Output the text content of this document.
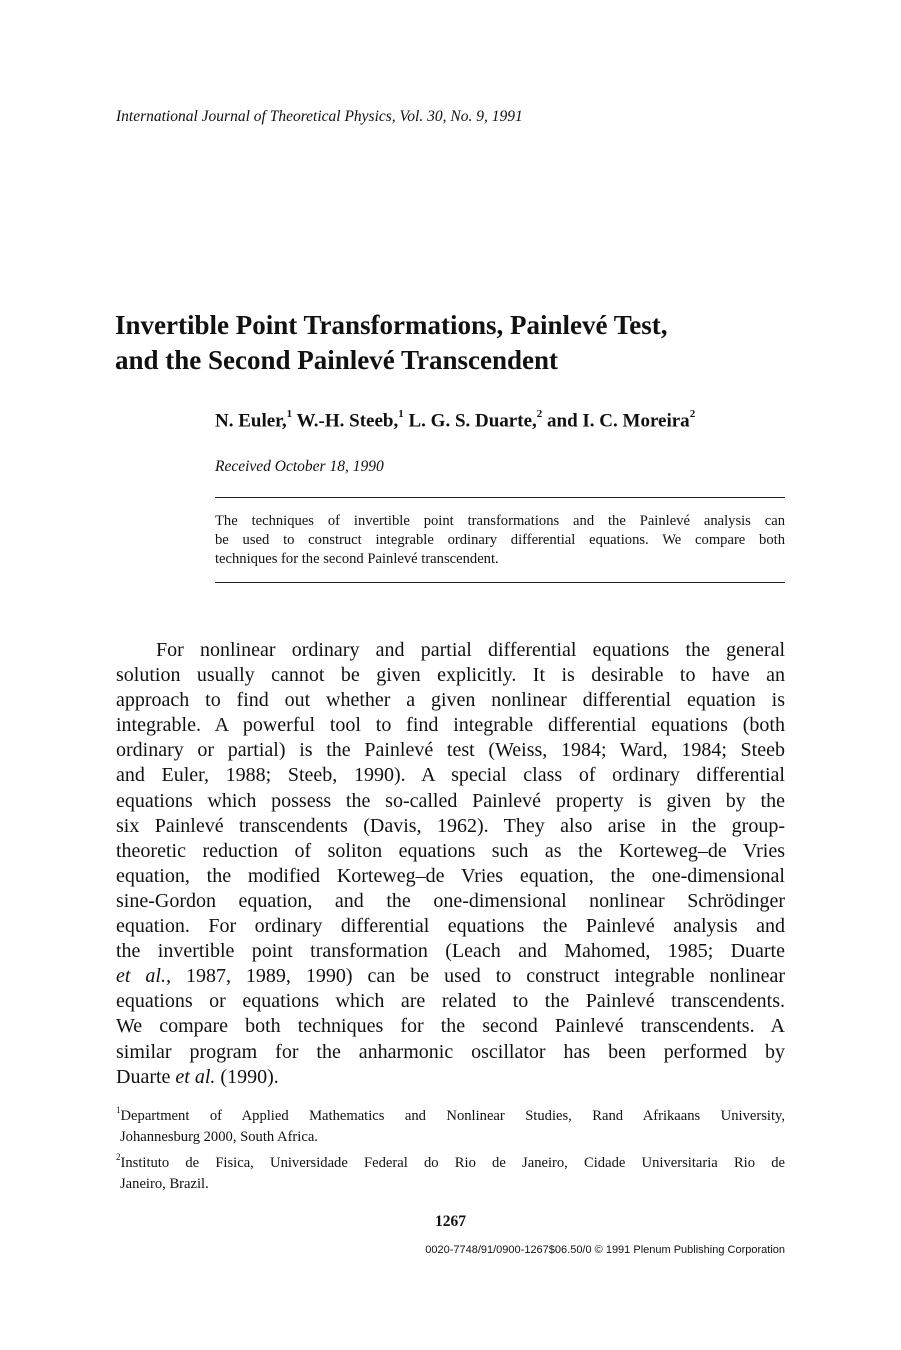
International Journal of Theoretical Physics, Vol. 30, No. 9, 1991
Invertible Point Transformations, Painlevé Test,
and the Second Painlevé Transcendent
N. Euler,$^1$ W.-H. Steeb,$^1$ L. G. S. Duarte,$^2$ and I. C. Moreira$^2$
Received October 18, 1990
The techniques of invertible point transformations and the Painlevé analysis can
be used to construct integrable ordinary differential equations. We compare both
techniques for the second Painlevé transcendent.
For nonlinear ordinary and partial differential equations the general
solution usually cannot be given explicitly. It is desirable to have an
approach to find out whether a given nonlinear differential equation is
integrable. A powerful tool to find integrable differential equations (both
ordinary or partial) is the Painlevé test (Weiss, 1984; Ward, 1984; Steeb
and Euler, 1988; Steeb, 1990). A special class of ordinary differential
equations which possess the so-called Painlevé property is given by the
six Painlevé transcendents (Davis, 1962). They also arise in the group-
theoretic reduction of soliton equations such as the Korteweg–de Vries
equation, the modified Korteweg–de Vries equation, the one-dimensional
sine-Gordon equation, and the one-dimensional nonlinear Schrödinger
equation. For ordinary differential equations the Painlevé analysis and
the invertible point transformation (Leach and Mahomed, 1985; Duarte
et al., 1987, 1989, 1990) can be used to construct integrable nonlinear
equations or equations which are related to the Painlevé transcendents.
We compare both techniques for the second Painlevé transcendents. A
similar program for the anharmonic oscillator has been performed by
Duarte et al. (1990).
$^1$Department of Applied Mathematics and Nonlinear Studies, Rand Afrikaans University,
Johannesburg 2000, South Africa.
$^2$Instituto de Fisica, Universidade Federal do Rio de Janeiro, Cidade Universitaria Rio de
Janeiro, Brazil.
1267
0020-7748/91/0900-1267$06.50/0 © 1991 Plenum Publishing Corporation
